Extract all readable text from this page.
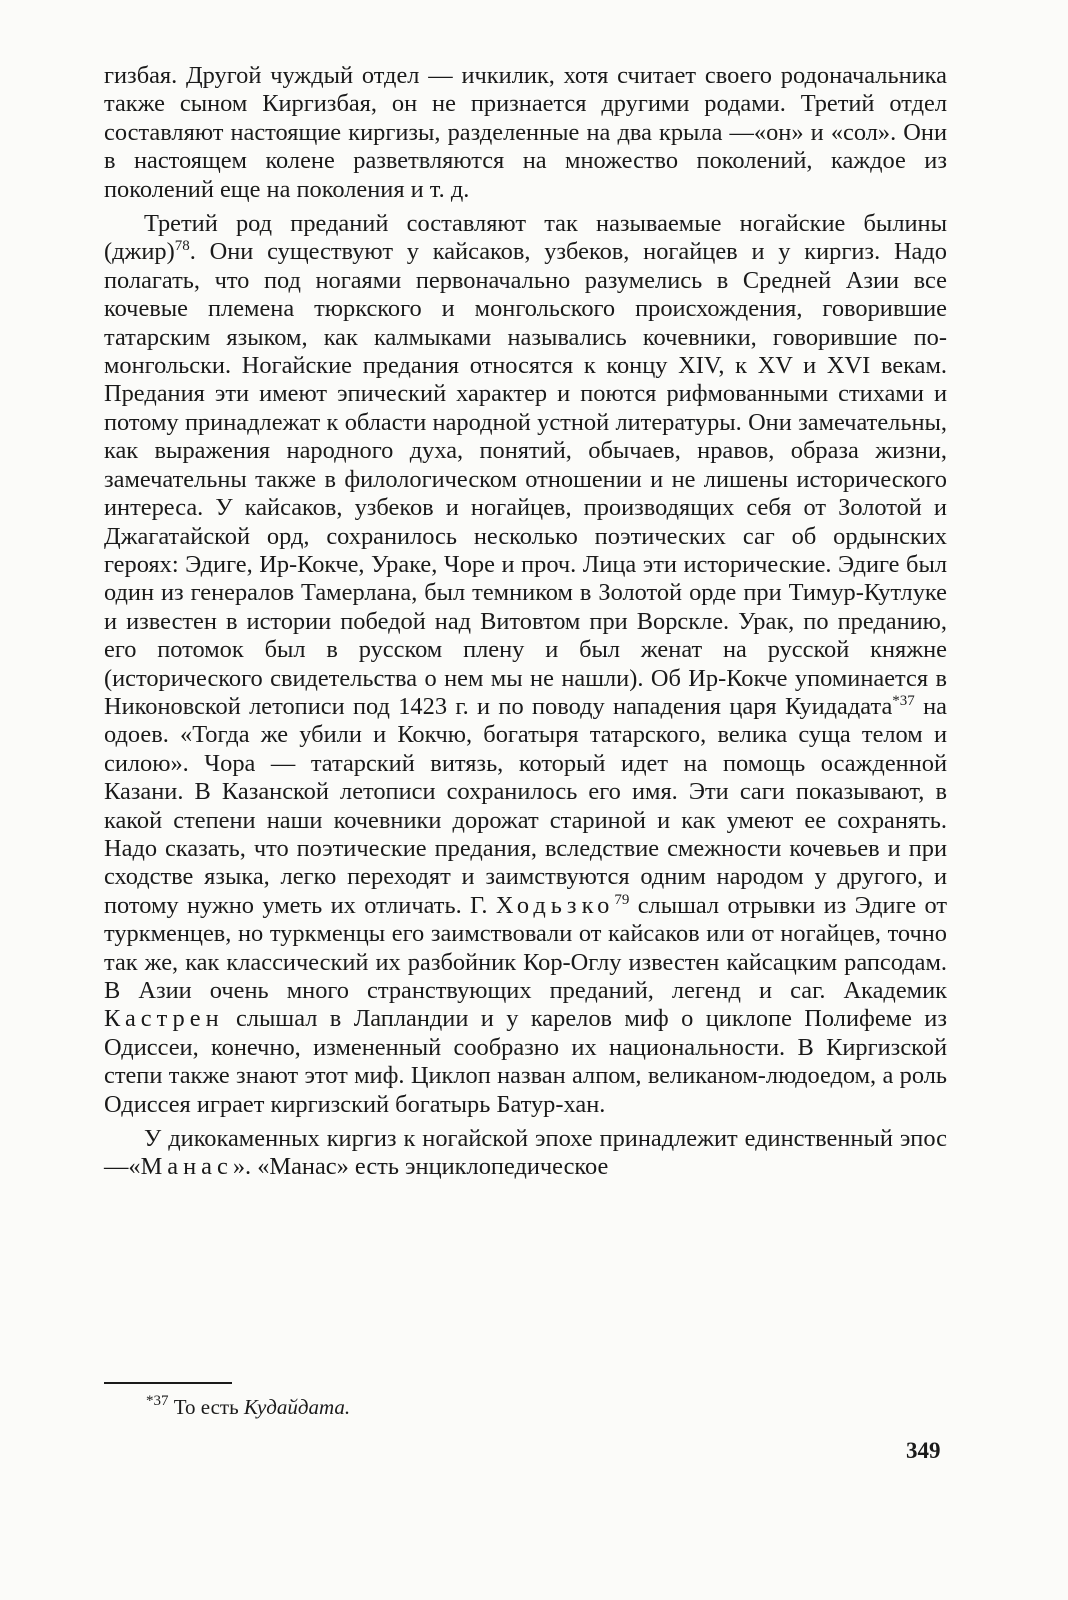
гизбая. Другой чуждый отдел — ичкилик, хотя считает своего родоначальника также сыном Киргизбая, он не признается другими родами. Третий отдел составляют настоящие киргизы, разделенные на два крыла —«он» и «сол». Они в настоящем колене разветвляются на множество поколений, каждое из поколений еще на поколения и т. д.

Третий род преданий составляют так называемые ногайские былины (джир)$^{78}$. Они существуют у кайсаков, узбеков, ногайцев и у киргиз. Надо полагать, что под ногаями первоначально разумелись в Средней Азии все кочевые племена тюркского и монгольского происхождения, говорившие татарским языком, как калмыками назывались кочевники, говорившие по-монгольски. Ногайские предания относятся к концу XIV, к XV и XVI векам. Предания эти имеют эпический характер и поются рифмованными стихами и потому принадлежат к области народной устной литературы. Они замечательны, как выражения народного духа, понятий, обычаев, нравов, образа жизни, замечательны также в филологическом отношении и не лишены исторического интереса. У кайсаков, узбеков и ногайцев, производящих себя от Золотой и Джагатайской орд, сохранилось несколько поэтических саг об ордынских героях: Эдиге, Ир-Кокче, Ураке, Чоре и проч. Лица эти исторические. Эдиге был один из генералов Тамерлана, был темником в Золотой орде при Тимур-Кутлуке и известен в истории победой над Витовтом при Ворскле. Урак, по преданию, его потомок был в русском плену и был женат на русской княжне (исторического свидетельства о нем мы не нашли). Об Ир-Кокче упоминается в Никоновской летописи под 1423 г. и по поводу нападения царя Куидадата$^{*37}$ на одоев. «Тогда же убили и Кокчю, богатыря татарского, велика суща телом и силою». Чора — татарский витязь, который идет на помощь осажденной Казани. В Казанской летописи сохранилось его имя. Эти саги показывают, в какой степени наши кочевники дорожат стариной и как умеют ее сохранять. Надо сказать, что поэтические предания, вследствие смежности кочевьев и при сходстве языка, легко переходят и заимствуются одним народом у другого, и потому нужно уметь их отличать. Г. Ходьзко$^{79}$ слышал отрывки из Эдиге от туркменцев, но туркменцы его заимствовали от кайсаков или от ногайцев, точно так же, как классический их разбойник Кор-Оглу известен кайсацким рапсодам. В Азии очень много странствующих преданий, легенд и саг. Академик Кастрен слышал в Лапландии и у карелов миф о циклопе Полифеме из Одиссеи, конечно, измененный сообразно их национальности. В Киргизской степи также знают этот миф. Циклоп назван алпом, великаном-людоедом, а роль Одиссея играет киргизский богатырь Батур-хан.

У дикокаменных киргиз к ногайской эпохе принадлежит единственный эпос —«Манас». «Манас» есть энциклопедическое

$^{*37}$ То есть Кудайдата.
349
